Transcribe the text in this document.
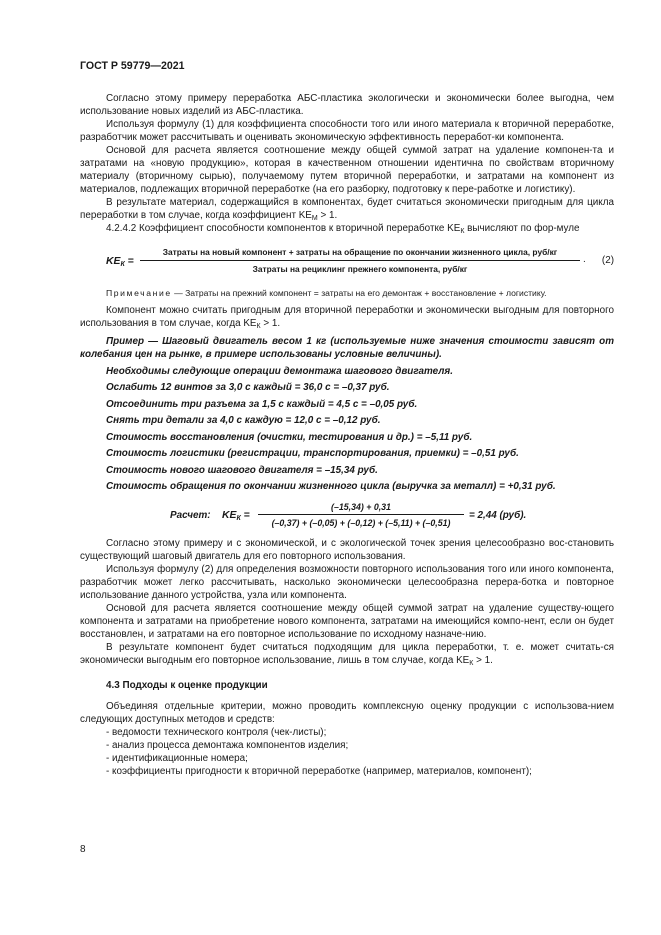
ГОСТ Р 59779—2021

Согласно этому примеру переработка АБС-пластика экологически и экономически более выгодна, чем использование новых изделий из АБС-пластика.

Используя формулу (1) для коэффициента способности того или иного материала к вторичной переработке, разработчик может рассчитывать и оценивать экономическую эффективность переработ-ки компонента.

Основой для расчета является соотношение между общей суммой затрат на удаление компонен-та и затратами на «новую продукцию», которая в качественном отношении идентична по свойствам вторичному материалу (вторичному сырью), получаемому путем вторичной переработки, и затратами на компонент из материалов, подлежащих вторичной переработке (на его разборку, подготовку к пере-работке и логистику).

В результате материал, содержащийся в компонентах, будет считаться экономически пригодным для цикла переработки в том случае, когда коэффициент $KE_М > 1$.

4.2.4.2 Коэффициент способности компонентов к вторичной переработке $KE_К$ вычисляют по фор-муле

$KE_К$ =
Затраты на новый компонент + затраты на обращение по окончании жизненного цикла, руб/кг
Затраты на рециклинг прежнего компонента, руб/кг
. (2)

Примечание — Затраты на прежний компонент = затраты на его демонтаж + восстановление + логистику.

Компонент можно считать пригодным для вторичной переработки и экономически выгодным для повторного использования в том случае, когда $KE_К > 1$.

Пример — Шаговый двигатель весом 1 кг (используемые ниже значения стоимости зависят от колебания цен на рынке, в примере использованы условные величины).

Необходимы следующие операции демонтажа шагового двигателя.

Ослабить 12 винтов за 3,0 с каждый = 36,0 с = –0,37 руб.

Отсоединить три разъема за 1,5 с каждый = 4,5 с = –0,05 руб.

Снять три детали за 4,0 с каждую = 12,0 с = –0,12 руб.

Стоимость восстановления (очистки, тестирования и др.) = –5,11 руб.

Стоимость логистики (регистрации, транспортирования, приемки) = –0,51 руб.

Стоимость нового шагового двигателя = –15,34 руб.

Стоимость обращения по окончании жизненного цикла (выручка за металл) = +0,31 руб.

Расчет: $KE_К$ =
(–15,34) + 0,31
(–0,37) + (–0,05) + (–0,12) + (–5,11) + (–0,51)
= 2,44 (руб).

Согласно этому примеру и с экономической, и с экологической точек зрения целесообразно вос-становить существующий шаговый двигатель для его повторного использования.

Используя формулу (2) для определения возможности повторного использования того или иного компонента, разработчик может легко рассчитывать, насколько экономически целесообразна перера-ботка и повторное использование данного устройства, узла или компонента.

Основой для расчета является соотношение между общей суммой затрат на удаление существу-ющего компонента и затратами на приобретение нового компонента, затратами на имеющийся компо-нент, если он будет восстановлен, и затратами на его повторное использование по исходному назначе-нию.

В результате компонент будет считаться подходящим для цикла переработки, т. е. может считать-ся экономически выгодным его повторное использование, лишь в том случае, когда $KE_К > 1$.

4.3 Подходы к оценке продукции

Объединяя отдельные критерии, можно проводить комплексную оценку продукции с использова-нием следующих доступных методов и средств:

- ведомости технического контроля (чек-листы);
- анализ процесса демонтажа компонентов изделия;
- идентификационные номера;
- коэффициенты пригодности к вторичной переработке (например, материалов, компонент);
8
